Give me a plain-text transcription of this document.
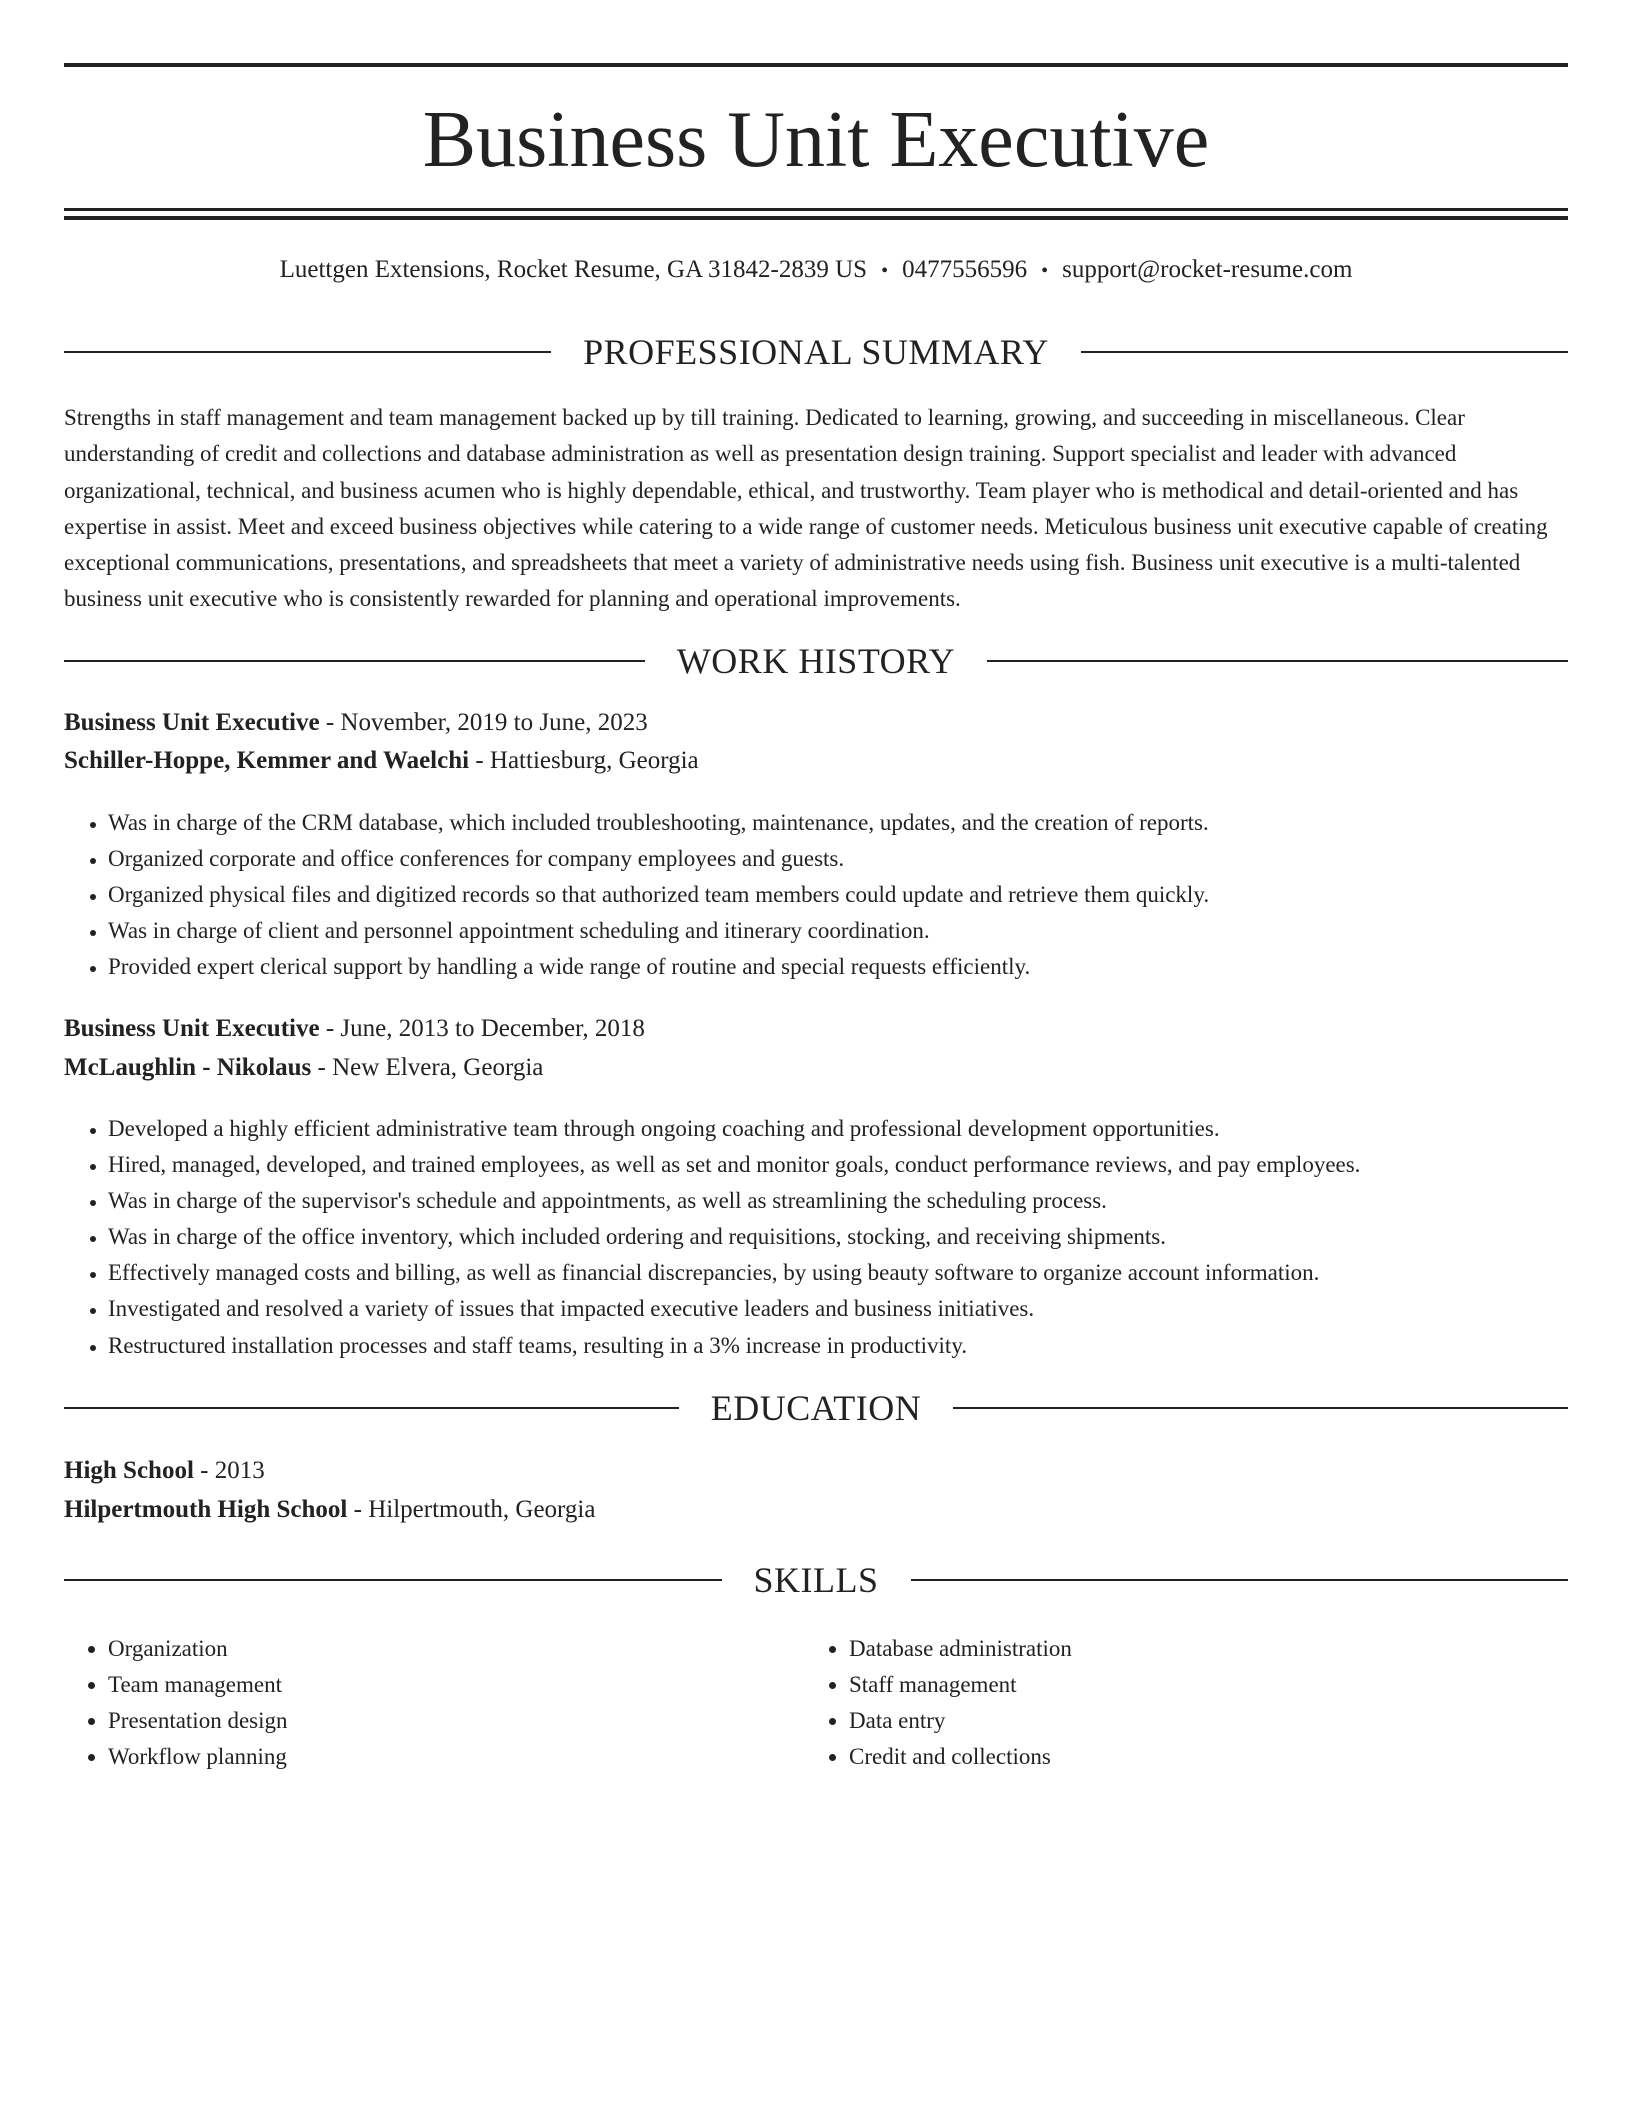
Business Unit Executive
Luettgen Extensions, Rocket Resume, GA 31842-2839 US • 0477556596 • support@rocket-resume.com
PROFESSIONAL SUMMARY

Strengths in staff management and team management backed up by till training. Dedicated to learning, growing, and succeeding in miscellaneous. Clear understanding of credit and collections and database administration as well as presentation design training. Support specialist and leader with advanced organizational, technical, and business acumen who is highly dependable, ethical, and trustworthy. Team player who is methodical and detail-oriented and has expertise in assist. Meet and exceed business objectives while catering to a wide range of customer needs. Meticulous business unit executive capable of creating exceptional communications, presentations, and spreadsheets that meet a variety of administrative needs using fish. Business unit executive is a multi-talented business unit executive who is consistently rewarded for planning and operational improvements.

WORK HISTORY
Business Unit Executive - November, 2019 to June, 2023
Schiller-Hoppe, Kemmer and Waelchi - Hattiesburg, Georgia
• Was in charge of the CRM database, which included troubleshooting, maintenance, updates, and the creation of reports.
• Organized corporate and office conferences for company employees and guests.
• Organized physical files and digitized records so that authorized team members could update and retrieve them quickly.
• Was in charge of client and personnel appointment scheduling and itinerary coordination.
• Provided expert clerical support by handling a wide range of routine and special requests efficiently.
Business Unit Executive - June, 2013 to December, 2018
McLaughlin - Nikolaus - New Elvera, Georgia
• Developed a highly efficient administrative team through ongoing coaching and professional development opportunities.
• Hired, managed, developed, and trained employees, as well as set and monitor goals, conduct performance reviews, and pay employees.
• Was in charge of the supervisor's schedule and appointments, as well as streamlining the scheduling process.
• Was in charge of the office inventory, which included ordering and requisitions, stocking, and receiving shipments.
• Effectively managed costs and billing, as well as financial discrepancies, by using beauty software to organize account information.
• Investigated and resolved a variety of issues that impacted executive leaders and business initiatives.
• Restructured installation processes and staff teams, resulting in a 3% increase in productivity.
EDUCATION
High School - 2013
Hilpertmouth High School - Hilpertmouth, Georgia
SKILLS
• Organization
• Team management
• Presentation design
• Workflow planning
• Database administration
• Staff management
• Data entry
• Credit and collections
